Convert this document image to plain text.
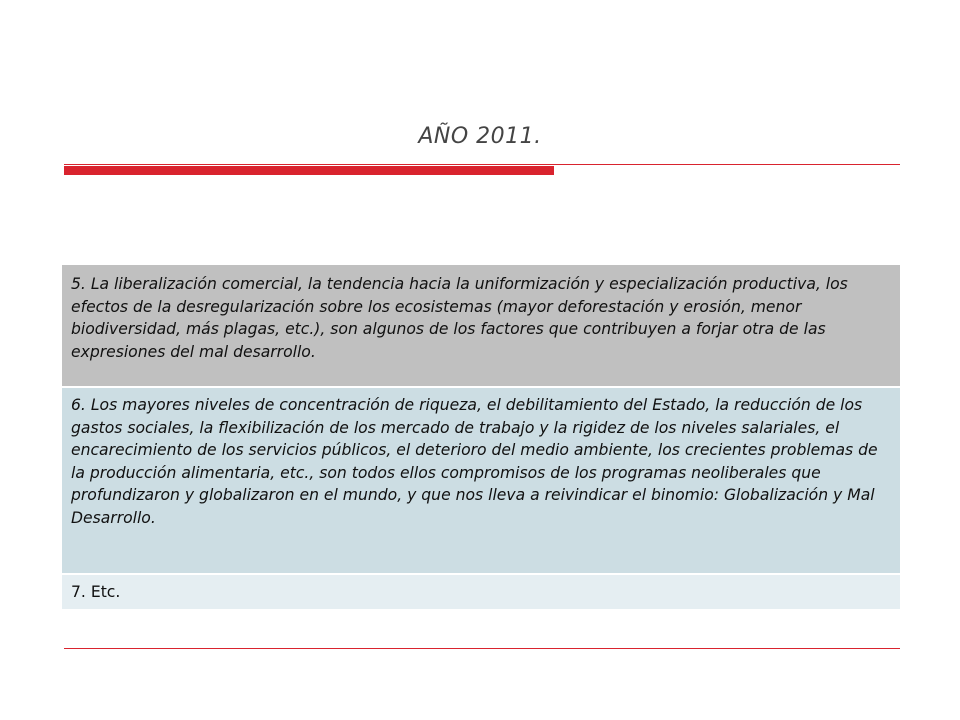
AÑO 2011.
5. La liberalización comercial, la tendencia hacia la uniformización y especialización productiva, los efectos de la desregularización sobre los ecosistemas (mayor deforestación y erosión, menor biodiversidad, más plagas, etc.), son algunos de los factores que contribuyen a forjar otra de las expresiones del mal desarrollo.
6. Los mayores niveles de concentración de riqueza, el debilitamiento del Estado, la reducción de los gastos sociales, la flexibilización de los mercado de trabajo y la rigidez de los niveles salariales, el encarecimiento de los servicios públicos, el deterioro del medio ambiente, los crecientes problemas de la producción alimentaria, etc., son todos ellos compromisos de los programas neoliberales que profundizaron y globalizaron en el mundo, y que nos lleva a reivindicar el binomio: Globalización y Mal Desarrollo.
7. Etc.
